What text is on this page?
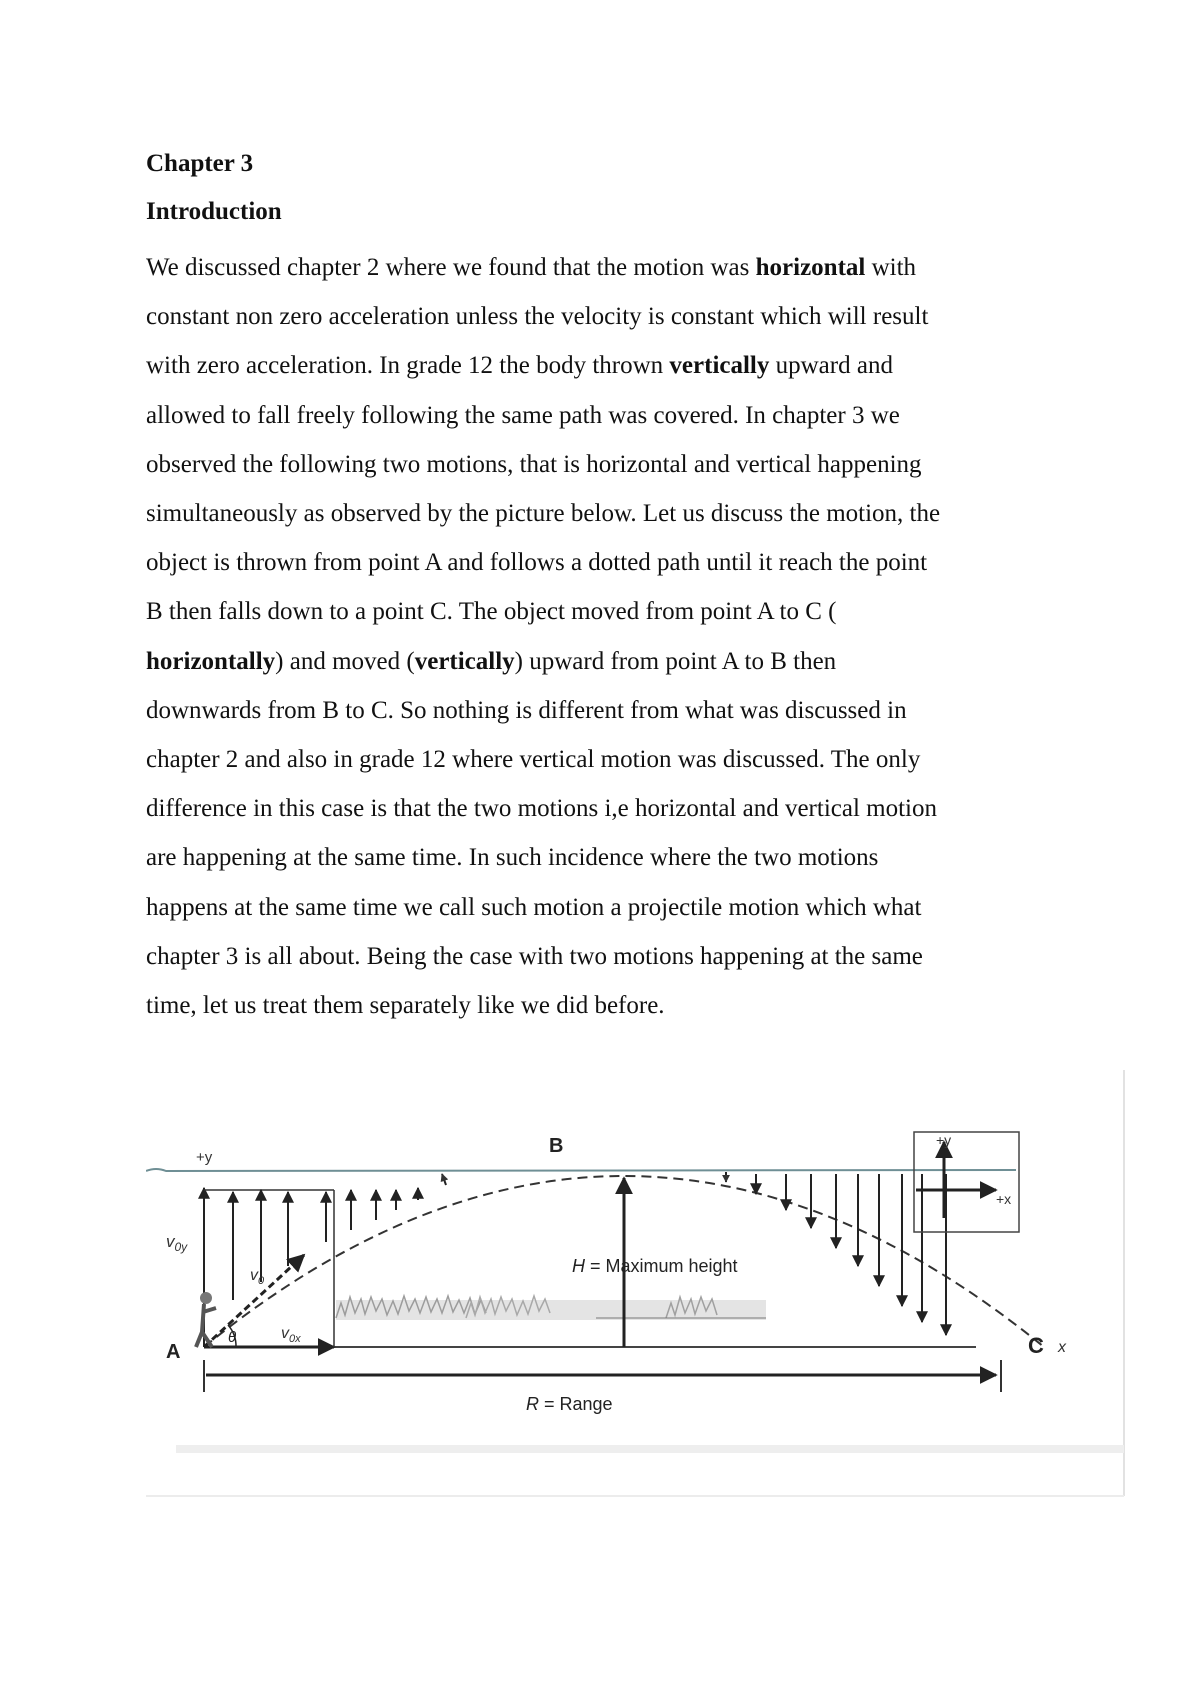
Chapter 3
Introduction

We discussed chapter 2 where we found that the motion was horizontal with
constant non zero acceleration unless the velocity is constant which will result
with zero acceleration. In grade 12 the body thrown vertically upward and
allowed to fall freely following the same path was covered. In chapter 3 we
observed the following two motions, that is horizontal and vertical happening
simultaneously as observed by the picture below. Let us discuss the motion, the
object is thrown from point A and follows a dotted path until it reach the point
B then falls down to a point C. The object moved from point A to C (
horizontally) and moved (vertically) upward from point A to B then
downwards from B to C. So nothing is different from what was discussed in
chapter 2 and also in grade 12 where vertical motion was discussed. The only
difference in this case is that the two motions i,e horizontal and vertical motion
are happening at the same time. In such incidence where the two motions
happens at the same time we call such motion a projectile motion which what
chapter 3 is all about. Being the case with two motions happening at the same
time, let us treat them separately like we did before.

A
B
C x
+y
+y
+x
$v_{0y}$
$v_0$
$v_{0x}$
θ
H = Maximum height
R = Range
